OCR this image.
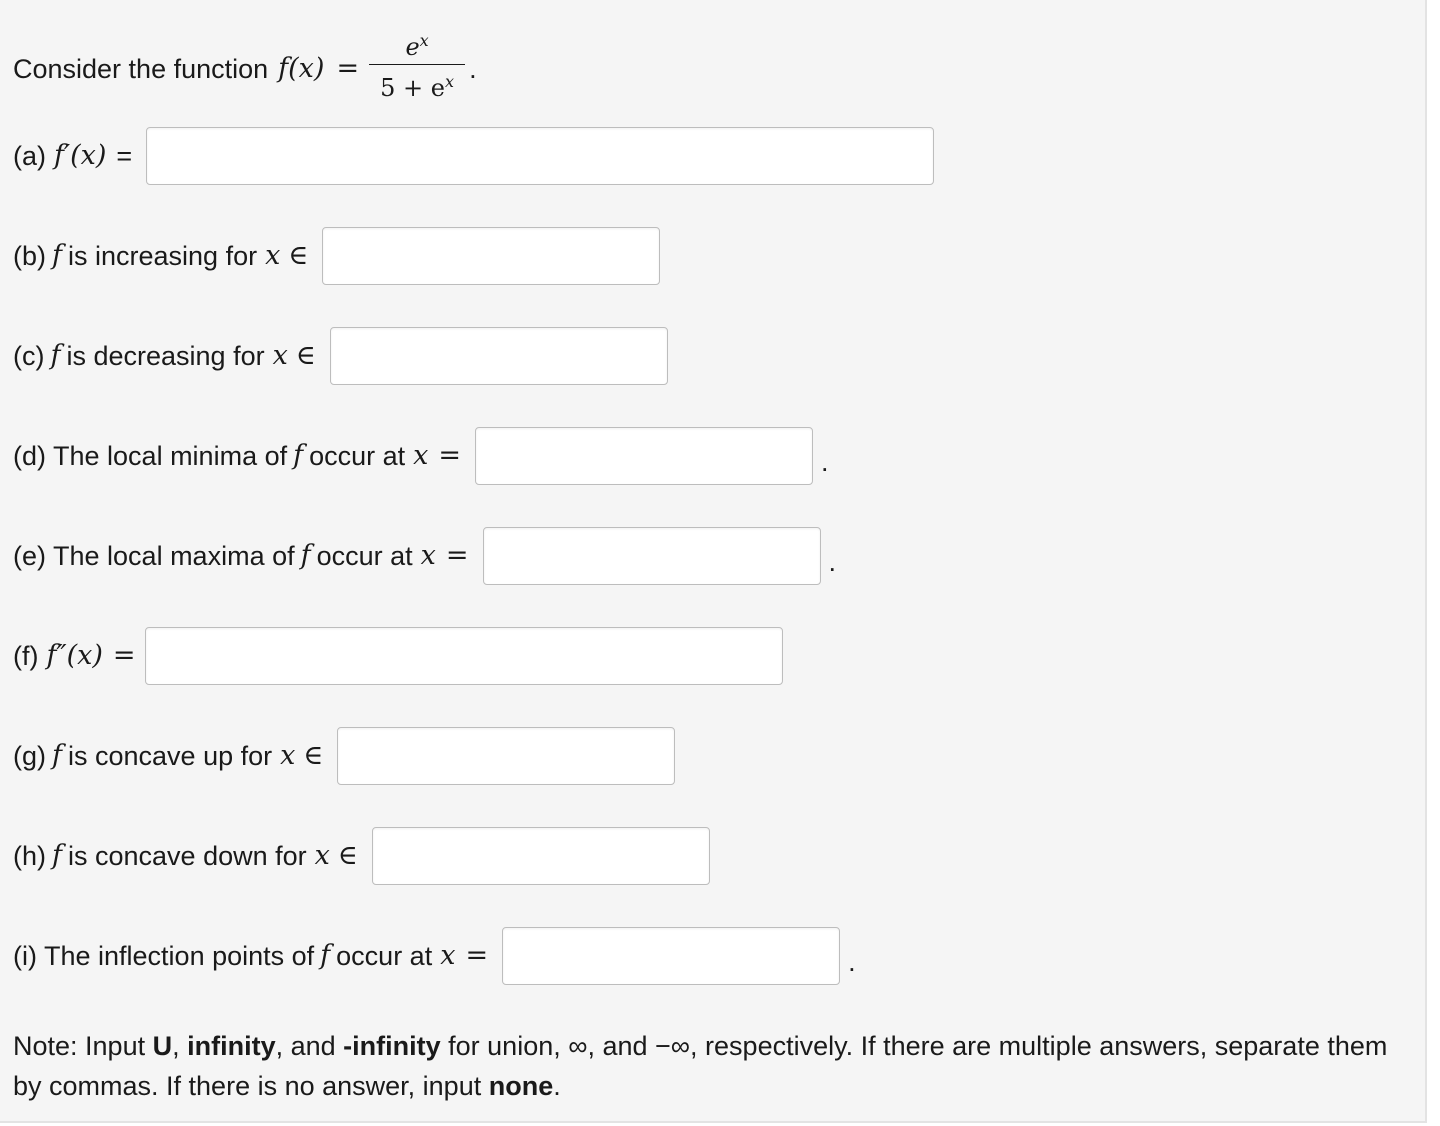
Consider the function $f(x) = \frac{e^x}{5 + e^x}$ .
(a) f′(x) =
(b) f is increasing for x ∈
(c) f is decreasing for x ∈
(d) The local minima of f occur at x =	.
(e) The local maxima of f occur at x =	.
(f) f″(x) =
(g) f is concave up for x ∈
(h) f is concave down for x ∈
(i) The inflection points of f occur at x =	.
Note: Input U, infinity, and -infinity for union, ∞, and −∞, respectively. If there are multiple answers, separate them by commas. If there is no answer, input none.
